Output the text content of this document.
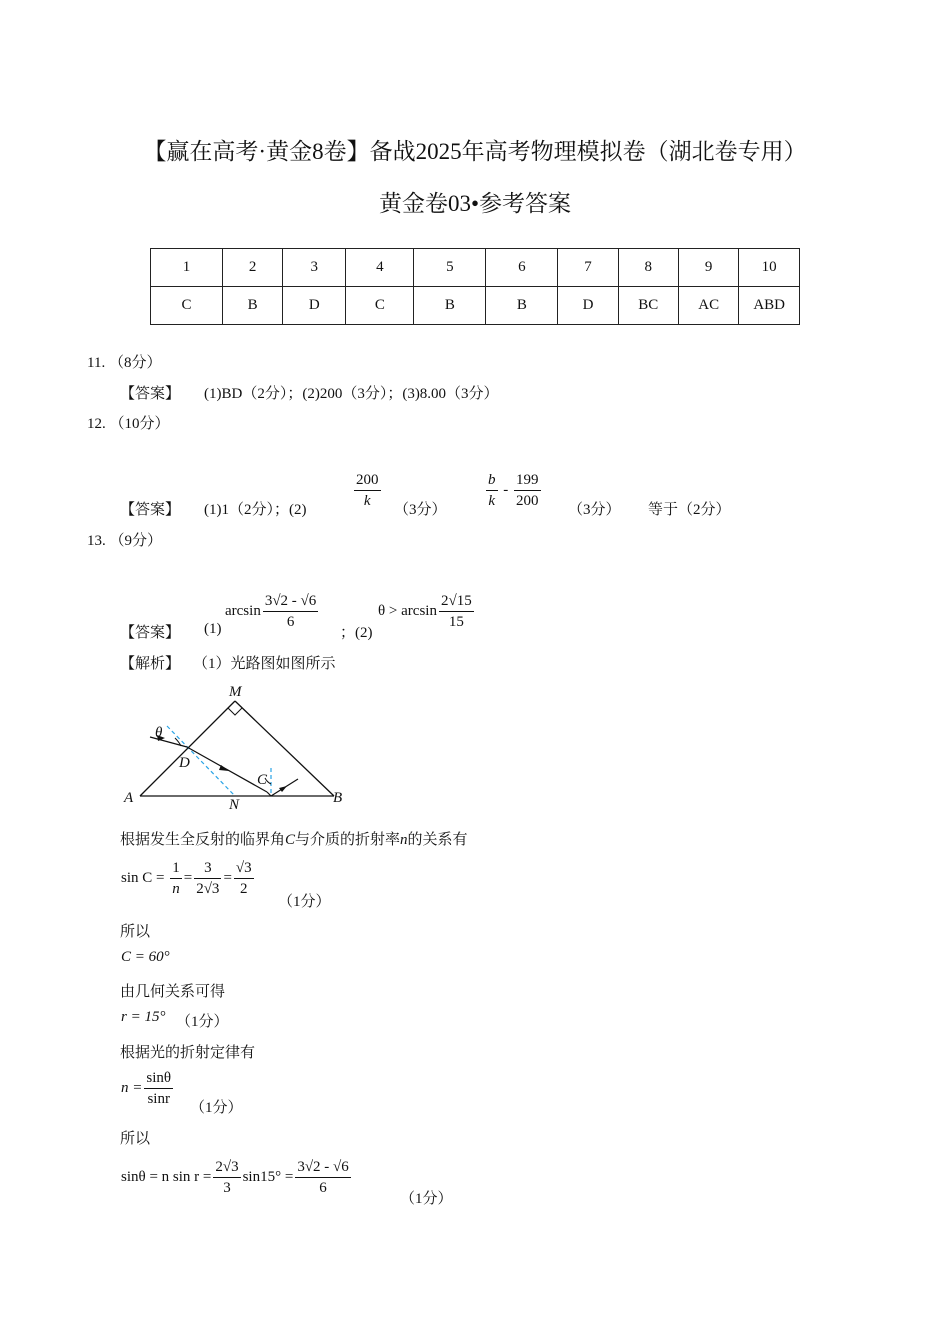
【赢在高考·黄金8卷】备战2025年高考物理模拟卷（湖北卷专用）
黄金卷03•参考答案
1	2	3	4	5	6	7	8	9	10
C	B	D	C	B	B	D	BC	AC	ABD
11. （8分）
【答案】 (1)BD（2分）；(2)200（3分）；(3)8.00（3分）
12. （10分）
【答案】 (1)1（2分）；(2)	$\frac{200}{k} (3$分）	$\frac{b}{k} - \frac{199}{200} (3$分） 等于（2分）
13. （9分）
【答案】 (1)
$\arcsin \frac{3√2 - √6}{6}$
；(2)
$\theta > \arcsin \frac{2√15}{15}$
【解析】 （1）光路图如图所示
M
θ
D
C
A	N	B
根据发生全反射的临界角C与介质的折射率n的关系有
$\sin C = \frac{1}{n} = \frac{3}{2√3} = \frac{√3}{2}$
（1分）
所以
C = 60°
由几何关系可得
r = 15° （1分）
根据光的折射定律有
$n = \frac{\sin\theta}{\sin r} (1$分）
所以
sinθ = n $\sin r = \frac{2√3}{3} \sin 15^\circ = \frac{3√2 - √6}{6}$
（1分）
